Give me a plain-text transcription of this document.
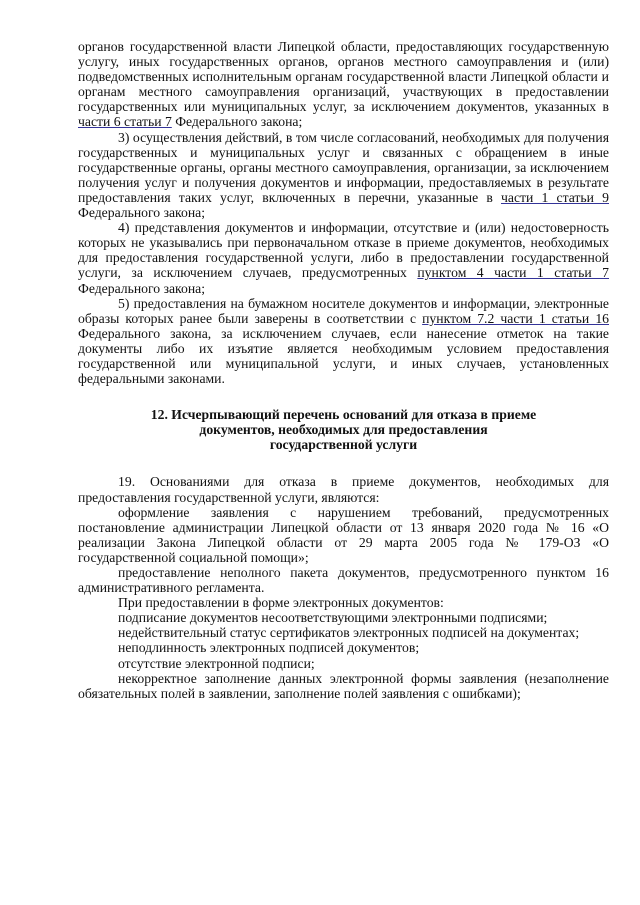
органов государственной власти Липецкой области, предоставляющих государственную услугу, иных государственных органов, органов местного самоуправления и (или) подведомственных исполнительным органам государственной власти Липецкой области и органам местного самоуправления организаций, участвующих в предоставлении государственных или муниципальных услуг, за исключением документов, указанных в части 6 статьи 7 Федерального закона;

3) осуществления действий, в том числе согласований, необходимых для получения государственных и муниципальных услуг и связанных с обращением в иные государственные органы, органы местного самоуправления, организации, за исключением получения услуг и получения документов и информации, предоставляемых в результате предоставления таких услуг, включенных в перечни, указанные в части 1 статьи 9 Федерального закона;

4) представления документов и информации, отсутствие и (или) недостоверность которых не указывались при первоначальном отказе в приеме документов, необходимых для предоставления государственной услуги, либо в предоставлении государственной услуги, за исключением случаев, предусмотренных пунктом 4 части 1 статьи 7 Федерального закона;

5) предоставления на бумажном носителе документов и информации, электронные образы которых ранее были заверены в соответствии с пунктом 7.2 части 1 статьи 16 Федерального закона, за исключением случаев, если нанесение отметок на такие документы либо их изъятие является необходимым условием предоставления государственной или муниципальной услуги, и иных случаев, установленных федеральными законами.

12. Исчерпывающий перечень оснований для отказа в приеме
документов, необходимых для предоставления
государственной услуги

19. Основаниями для отказа в приеме документов, необходимых для предоставления государственной услуги, являются:

оформление заявления с нарушением требований, предусмотренных постановление администрации Липецкой области от 13 января 2020 года № 16 «О реализации Закона Липецкой области от 29 марта 2005 года № 179-ОЗ «О государственной социальной помощи»;

предоставление неполного пакета документов, предусмотренного пунктом 16 административного регламента.

При предоставлении в форме электронных документов:

подписание документов несоответствующими электронными подписями;

недействительный статус сертификатов электронных подписей на документах;

неподлинность электронных подписей документов;

отсутствие электронной подписи;

некорректное заполнение данных электронной формы заявления (незаполнение обязательных полей в заявлении, заполнение полей заявления с ошибками);
